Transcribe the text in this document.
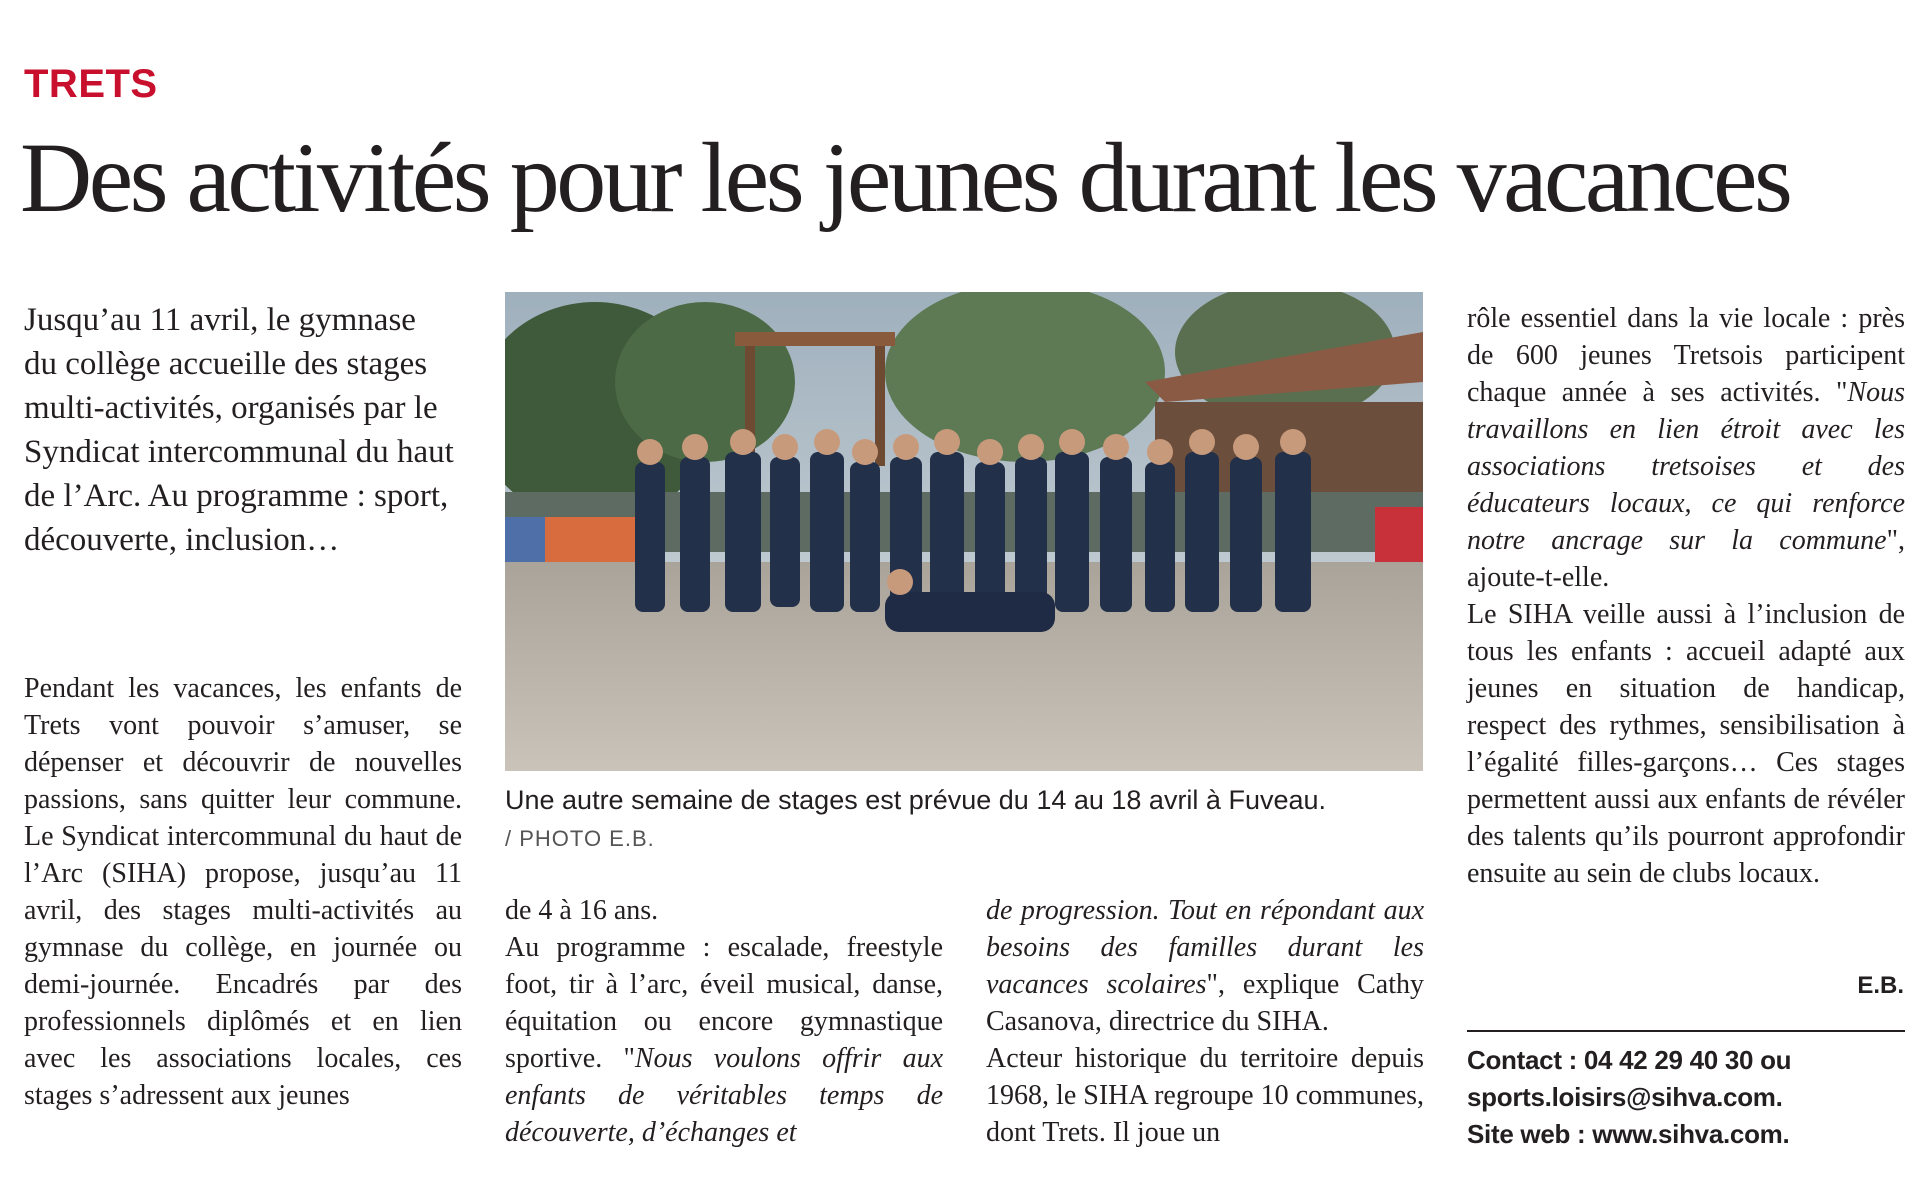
TRETS
Des activités pour les jeunes durant les vacances

Jusqu’au 11 avril, le gymnase du collège accueille des stages multi-activités, organisés par le Syndicat intercommunal du haut de l’Arc. Au programme : sport, découverte, inclusion…

Pendant les vacances, les enfants de Trets vont pouvoir s’amuser, se dépenser et découvrir de nouvelles passions, sans quitter leur commune. Le Syndicat intercommunal du haut de l’Arc (SIHA) propose, jusqu’au 11 avril, des stages multi-activités au gymnase du collège, en journée ou demi-journée. Encadrés par des professionnels diplômés et en lien avec les associations locales, ces stages s’adressent aux jeunes

Une autre semaine de stages est prévue du 14 au 18 avril à Fuveau.
/ PHOTO E.B.

de 4 à 16 ans.

Au programme : escalade, freestyle foot, tir à l’arc, éveil musical, danse, équitation ou encore gymnastique sportive. "Nous voulons offrir aux enfants de véritables temps de découverte, d’échanges et

de progression. Tout en répondant aux besoins des familles durant les vacances scolaires", explique Cathy Casanova, directrice du SIHA.

Acteur historique du territoire depuis 1968, le SIHA regroupe 10 communes, dont Trets. Il joue un

rôle essentiel dans la vie locale : près de 600 jeunes Tretsois participent chaque année à ses activités. "Nous travaillons en lien étroit avec les associations tretsoises et des éducateurs locaux, ce qui renforce notre ancrage sur la commune", ajoute-t-elle.

Le SIHA veille aussi à l’inclusion de tous les enfants : accueil adapté aux jeunes en situation de handicap, respect des rythmes, sensibilisation à l’égalité filles-garçons… Ces stages permettent aussi aux enfants de révéler des talents qu’ils pourront approfondir ensuite au sein de clubs locaux.

E.B.
Contact : 04 42 29 40 30 ou
sports.loisirs@sihva.com.
Site web : www.sihva.com.
